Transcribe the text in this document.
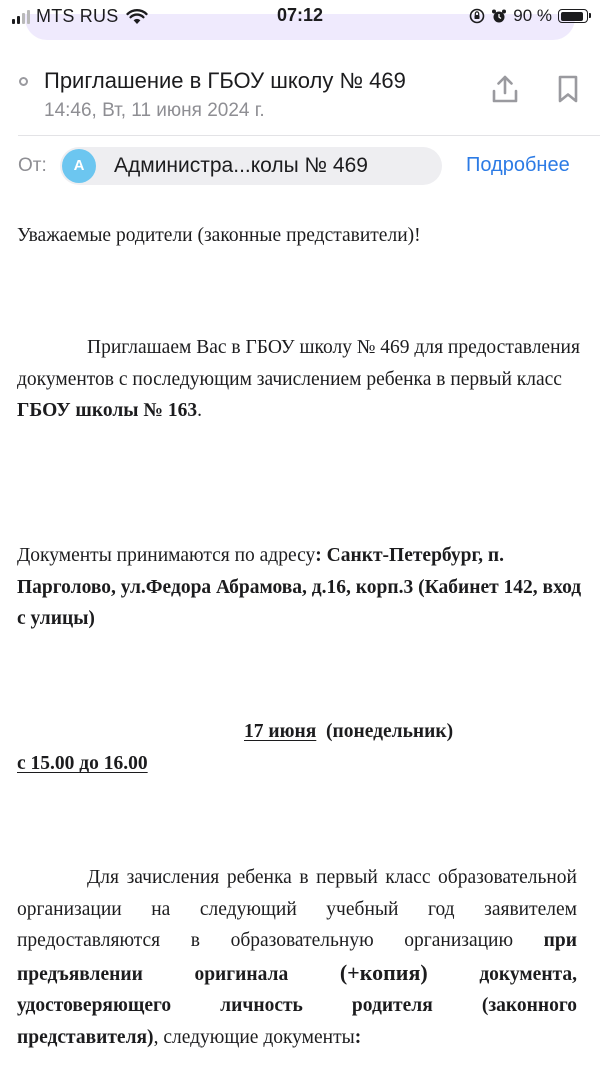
MTS RUS	07:12	90 %
Приглашение в ГБОУ школу № 469
14:46, Вт, 11 июня 2024 г.
От:	А	Администра...колы № 469	Подробнее

Уважаемые родители (законные представители)!

Приглашаем Вас в ГБОУ школу № 469 для предоставления документов с последующим зачислением ребенка в первый класс ГБОУ школы № 163.

Документы принимаются по адресу: Санкт-Петербург, п. Парголово, ул.Федора Абрамова, д.16, корп.3 (Кабинет 142, вход с улицы)

17 июня  (понедельник)

с 15.00 до 16.00

Для зачисления ребенка в первый класс образовательной организации на следующий учебный год заявителем предоставляются в образовательную организацию при предъявлении оригинала (+копия) документа, удостоверяющего личность родителя (законного представителя), следующие документы:
